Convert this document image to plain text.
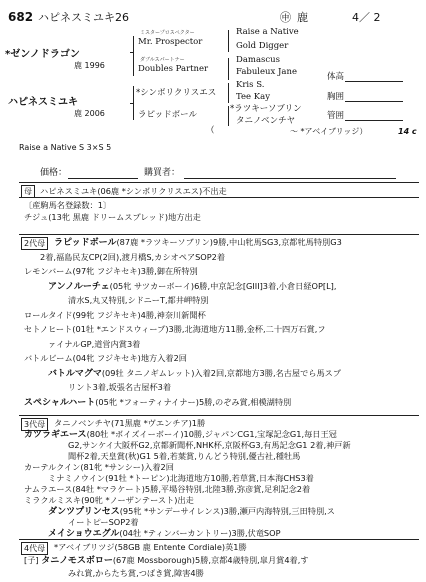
682 ハピネスミユキ26	㊥ 鹿	4／ 2
*ゼンノドラゴン
鹿 1996
ハピネスミユキ
鹿 2006
ミスタープロスペクター
Mr. Prospector
ダブルスパートナー
Doubles Partner
*シンボリクリスエス
ラピッドボール
Raise a Native
Gold Digger
Damascus
Fabuleux Jane
Kris S.
Tee Kay
*ラツキーソブリン
タニノベンチヤ
（	〜 *アベイブリッジ）	14 c
体高
胸囲
管囲
Raise a Native S 3×S 5
価格：	購買者：
母 ハピネスミユキ(06鹿 *シンボリクリスエス)不出走
〔産駒馬名登録数：1〕
チジュ(13牝 黒鹿 ドリームスプレッド)地方出走
2代母 ラピッドボール(87鹿 *ラツキーソブリン)9勝,中山牝馬SG3,京都牝馬特別G3
2着,福島民友CP(2回),渡月橋S,カシオペアSOP2着
レモンバーム(97牝 フジキセキ)3勝,御在所特別
アンノルーチェ(05牝 サツカーボーイ)6勝,中京記念[GIII]3着,小倉日経OP[L],
清水S,丸又特別,シドニーT,都井岬特別
ロールタイド(99牝 フジキセキ)4勝,神奈川新聞杯
セトノヒート(01牡 *エンドスウィープ)3勝,北海道地方11勝,金杯,二十四万石賞,フ
ァイナルGP,道営内賞3着
バトルビーム(04牝 フジキセキ)地方入着2回
バトルマグマ(09牡 タニノギムレット)入着2回,京都地方3勝,名古屋でら馬スプ
リント3着,坂張名古屋杯3着
スペシャルハート(05牝 *フォーティナイナー)5勝,のぞみ賞,相模湖特別
3代母	タニノベンチヤ(71黒鹿 *ヴエンチア)1勝
カツラギエース(80牡 *ボイズイーボーイ)10勝,ジャパンCG1,宝塚記念G1,毎日王冠
G2,サンケイ大阪杯G2,京都新聞杯,NHK杯,京阪杯G3,有馬記念G1 2着,神戸新
聞杯2着,天皇賞(秋)G1 5着,若葉賞,りんどう特別,優古社,種牡馬
カーテルクイン(81牝 *サンシー)入着2回
ミナミノウイン(91牡 *トーピン)北海道地方10勝,若草賞,日本海CHS3着
ナムラエース(84牡 *マラケート)5勝,平場谷特別,北陸3勝,弥彦賞,足利記念2着
ミラクルミスキ(90牝 *ノーザンテースト)出走
ダンツプリンセス(95牝 *サンデーサイレンス)3勝,瀬戸内海特別,三田特別,ス
イートピーSOP2着
メイショウエグル(04牡 *ティンバーカントリー)3勝,伏竜SOP
4代母	*アベイブリツジ(58GB 鹿 Entente Cordiale)英1勝
[子] タニノモスボロー(67鹿 Mossborough)5勝,京都4歳特別,皐月賞4着,す
みれ賞,からたち賞,つばき賞,障害4勝
